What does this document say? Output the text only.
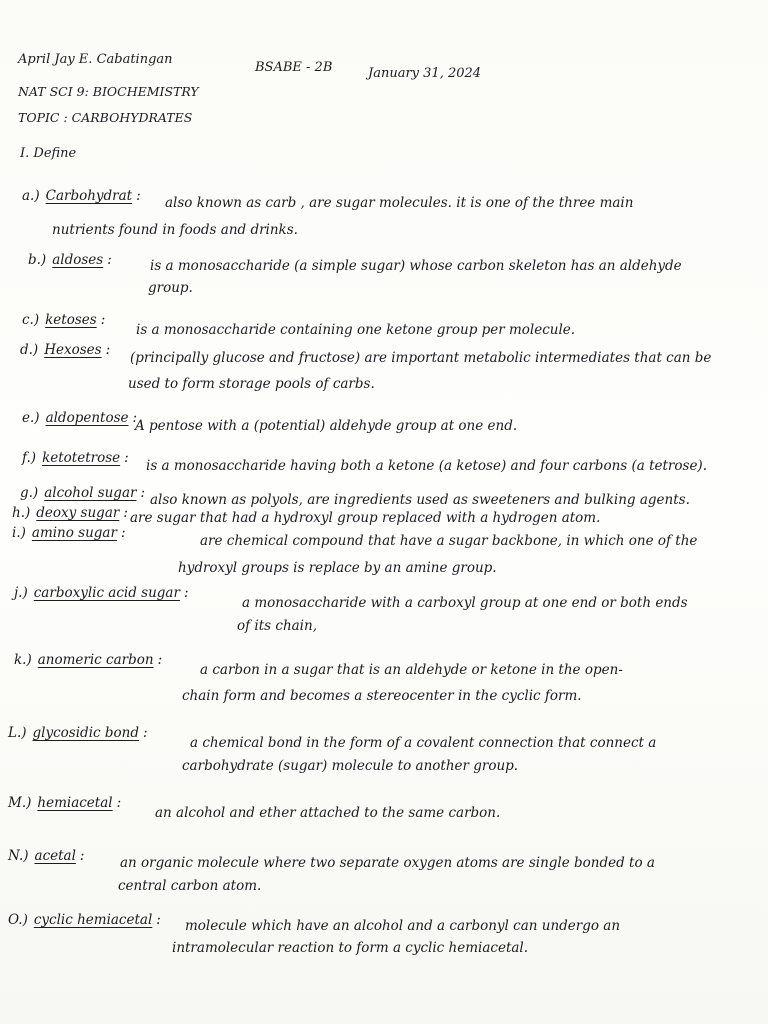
April Jay E. Cabatingan
BSABE - 2B	January 31, 2024
NAT SCI 9: BIOCHEMISTRY
TOPIC : CARBOHYDRATES
I. Define
a.) Carbohydrat : also known as carb , are sugar molecules. it is one of the three main
nutrients found in foods and drinks.
b.) aldoses :	is a monosaccharide (a simple sugar) whose carbon skeleton has an aldehyde
group.
c.) ketoses :
is a monosaccharide containing one ketone group per molecule.
d.) Hexoses : (principally glucose and fructose) are important metabolic intermediates that can be
used to form storage pools of carbs.
e.) aldopentose :
A pentose with a (potential) aldehyde group at one end.
f.) ketotetrose : is a monosaccharide having both a ketone (a ketose) and four carbons (a tetrose).
g.) alcohol sugar : also known as polyols, are ingredients used as sweeteners and bulking agents.
h.) deoxy sugar : are sugar that had a hydroxyl group replaced with a hydrogen atom.
i.) amino sugar :	are chemical compound that have a sugar backbone, in which one of the
hydroxyl groups is replace by an amine group.
j.) carboxylic acid sugar :
a monosaccharide with a carboxyl group at one end or both ends
of its chain,
k.) anomeric carbon :
a carbon in a sugar that is an aldehyde or ketone in the open-
chain form and becomes a stereocenter in the cyclic form.
L.) glycosidic bond :
a chemical bond in the form of a covalent connection that connect a
carbohydrate (sugar) molecule to another group.
M.) hemiacetal :
an alcohol and ether attached to the same carbon.
N.) acetal :	an organic molecule where two separate oxygen atoms are single bonded to a
central carbon atom.
O.) cyclic hemiacetal : molecule which have an alcohol and a carbonyl can undergo an
intramolecular reaction to form a cyclic hemiacetal.
